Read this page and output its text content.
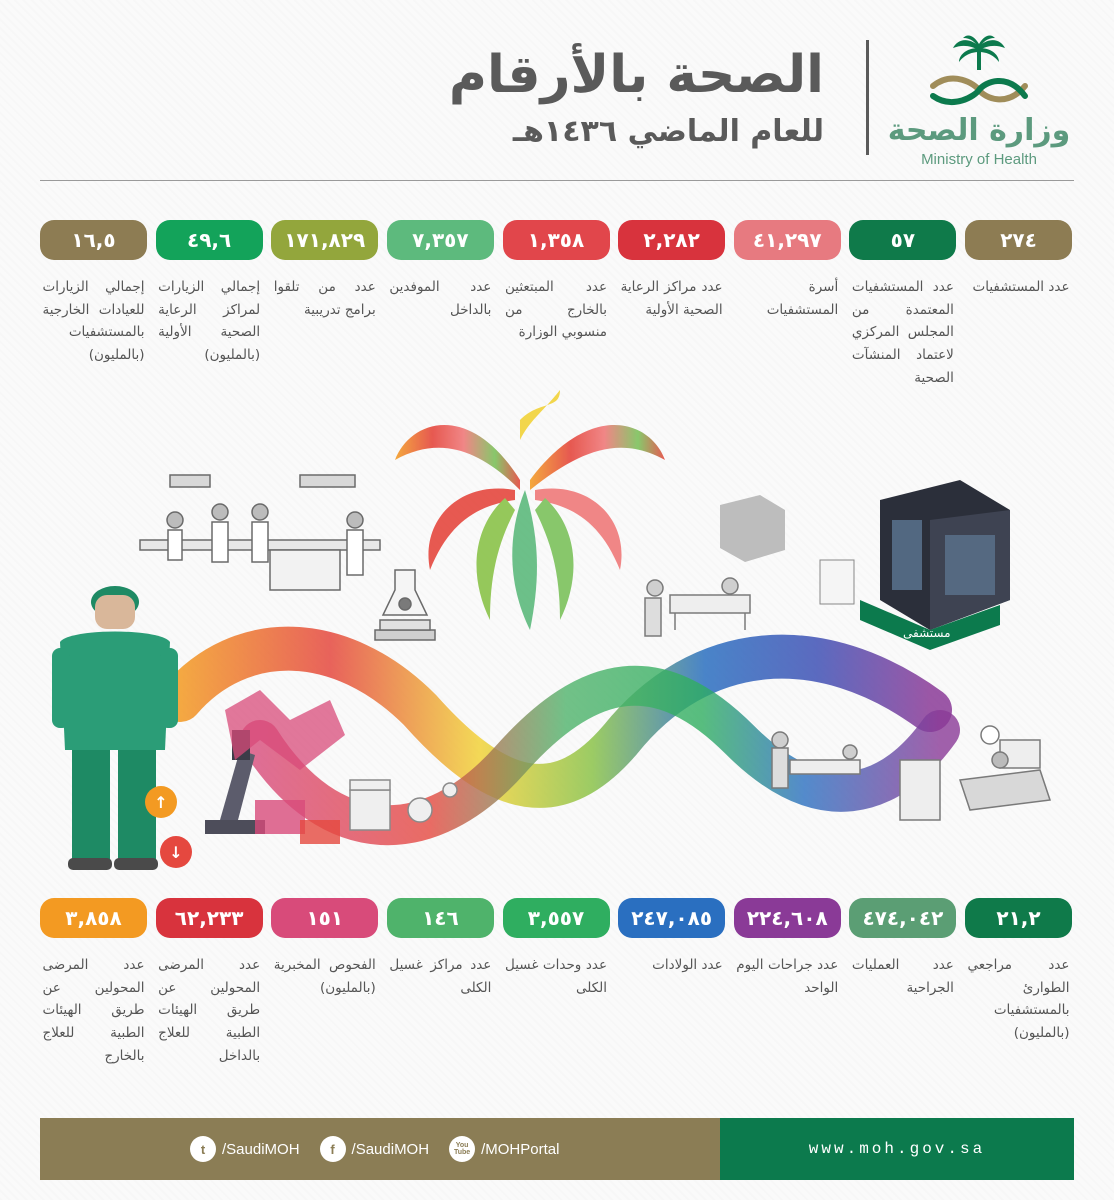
وزارة الصحة
Ministry of Health
الصحة بالأرقام
للعام الماضي ١٤٣٦هـ
٢٧٤
عدد المستشفيات
٥٧
عدد المستشفيات المعتمدة من المجلس المركزي لاعتماد المنشآت الصحية
٤١,٢٩٧
أسرة المستشفيات
٢,٢٨٢
عدد مراكز الرعاية الصحية الأولية
١,٣٥٨
عدد المبتعثين بالخارج من منسوبي الوزارة
٧,٣٥٧
عدد الموفدين بالداخل
١٧١,٨٢٩
عدد من تلقوا برامج تدريبية
٤٩,٦
إجمالي الزيارات لمراكز الرعاية الصحية الأولية (بالمليون)
١٦,٥
إجمالي الزيارات للعيادات الخارجية بالمستشفيات (بالمليون)
مستشفى
↑
↓
٢١,٢
عدد مراجعي الطوارئ بالمستشفيات (بالمليون)
٤٧٤,٠٤٢
عدد العمليات الجراحية
٢٢٤,٦٠٨
عدد جراحات اليوم الواحد
٢٤٧,٠٨٥
عدد الولادات
٣,٥٥٧
عدد وحدات غسيل الكلى
١٤٦
عدد مراكز غسيل الكلى
١٥١
الفحوص المخبرية (بالمليون)
٦٢,٢٣٣
عدد المرضى المحولين عن طريق الهيئات الطبية للعلاج بالداخل
٣,٨٥٨
عدد المرضى المحولين عن طريق الهيئات الطبية للعلاج بالخارج
t	/SaudiMOH	f	/SaudiMOH	You Tube /MOHPortal	www.moh.gov.sa
